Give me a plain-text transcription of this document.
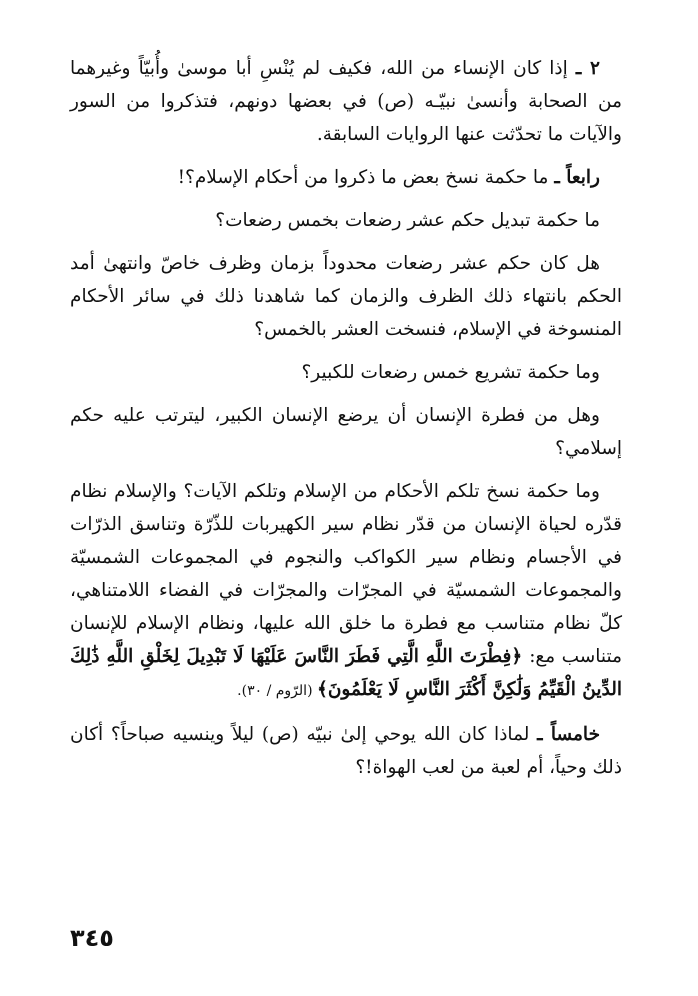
٢ ـ إذا كان الإنساء من الله، فكيف لم يُنْسِ أبا موسىٰ وأُبيّاً وغيرهما من الصحابة وأنسىٰ نبيّـه (ص) في بعضها دونهم، فتذكروا من السور والآيات ما تحدّثت عنها الروايات السابقة.

رابعاً ـ ما حكمة نسخ بعض ما ذكروا من أحكام الإسلام؟!

ما حكمة تبديل حكم عشر رضعات بخمس رضعات؟

هل كان حكم عشر رضعات محدوداً بزمان وظرف خاصّ وانتهىٰ أمد الحكم بانتهاء ذلك الظرف والزمان كما شاهدنا ذلك في سائر الأحكام المنسوخة في الإسلام، فنسخت العشر بالخمس؟

وما حكمة تشريع خمس رضعات للكبير؟

وهل من فطرة الإنسان أن يرضع الإنسان الكبير، ليترتب عليه حكم إسلامي؟

وما حكمة نسخ تلكم الأحكام من الإسلام وتلكم الآيات؟ والإسلام نظام قدّره لحياة الإنسان من قدّر نظام سير الكهيربات للذّرّة وتناسق الذرّات في الأجسام ونظام سير الكواكب والنجوم في المجموعات الشمسيّة والمجموعات الشمسيّة في المجرّات والمجرّات في الفضاء اللامتناهي، كلّ نظام متناسب مع فطرة ما خلق الله عليها، ونظام الإسلام للإنسان متناسب مع: ﴿فِطْرَتَ اللَّهِ الَّتِي فَطَرَ النَّاسَ عَلَيْهَا لَا تَبْدِيلَ لِخَلْقِ اللَّهِ ذَٰلِكَ الدِّينُ الْقَيِّمُ وَلَٰكِنَّ أَكْثَرَ النَّاسِ لَا يَعْلَمُونَ﴾ (الرّوم / ٣٠).

خامساً ـ لماذا كان الله يوحي إلىٰ نبيّه (ص) ليلاً وينسيه صباحاً؟ أكان ذلك وحياً، أم لعبة من لعب الهواة!؟

٣٤٥
